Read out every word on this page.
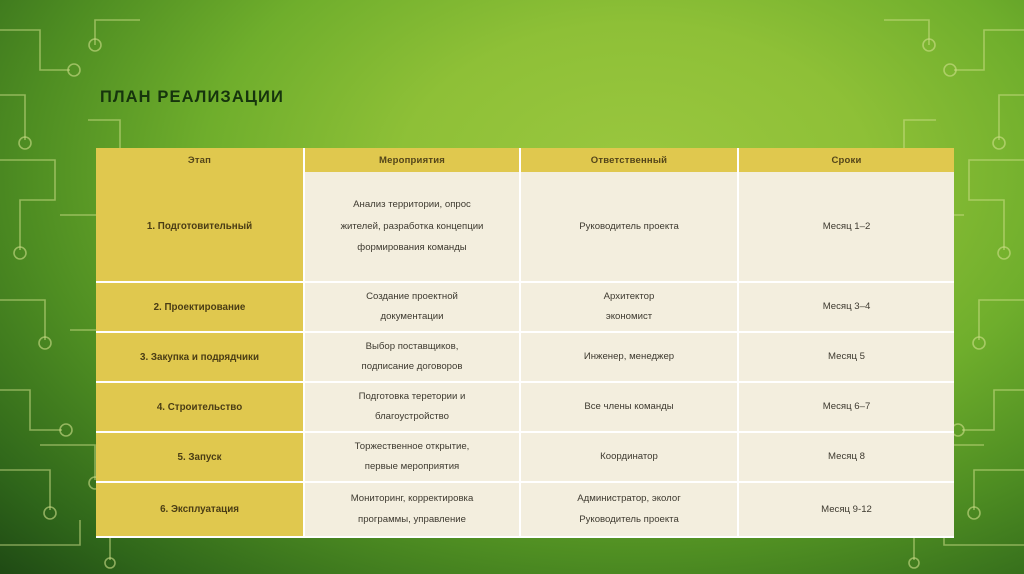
ПЛАН РЕАЛИЗАЦИИ
Этап	Мероприятия	Ответственный	Сроки
1. Подготовительный	Анализ территории, опрос
жителей, разработка концепции
формирования команды	Руководитель проекта	Месяц 1–2

2. Проектирование	Создание проектной
документации	Архитектор
экономист	Месяц 3–4

3. Закупка и подрядчики	Выбор поставщиков,
подписание договоров	Инженер, менеджер	Месяц 5

4. Строительство	Подготовка теретории и
благоустройство	Все члены команды	Месяц 6–7

5. Запуск	Торжественное открытие,
первые мероприятия	Координатор	Месяц 8

6. Эксплуатация	Мониторинг, корректировка
программы, управление	Администратор, эколог
Руководитель проекта	Месяц 9-12
